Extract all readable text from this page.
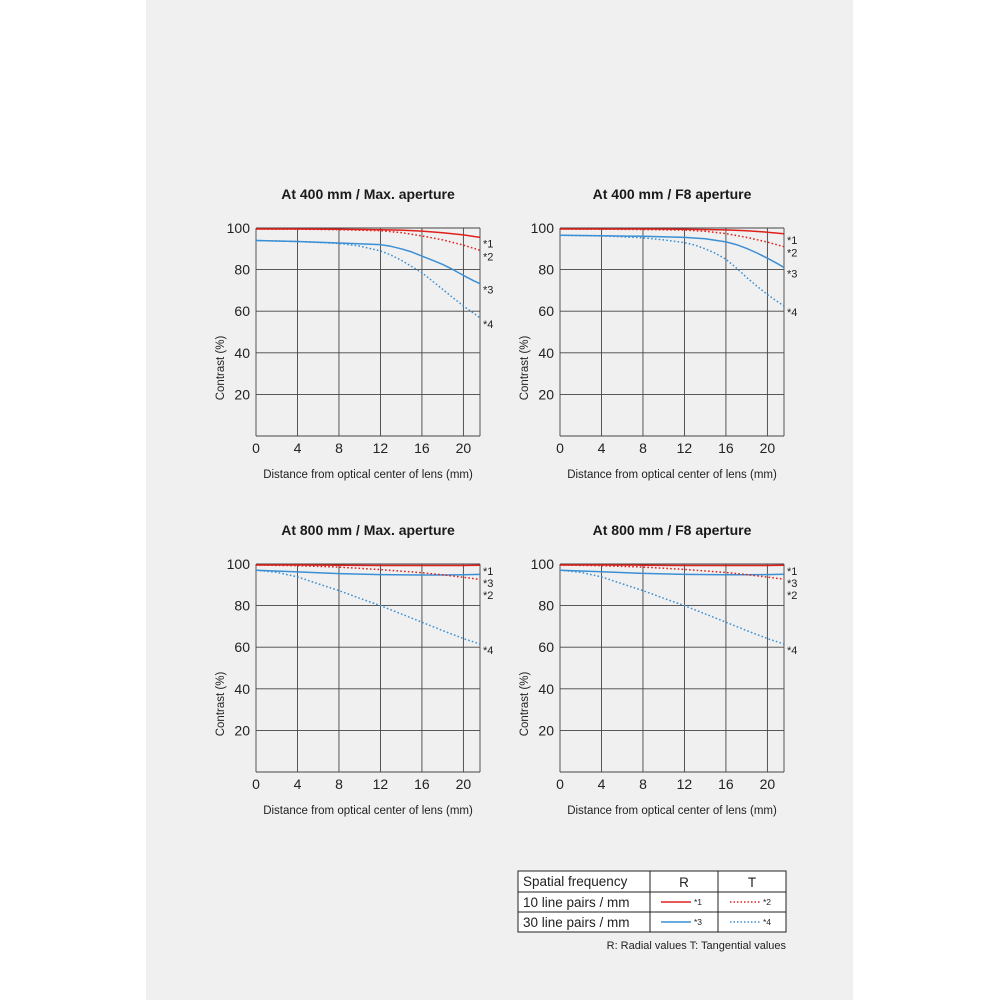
At 400 mm / Max. aperture
20
40
60
80
100
0 4 8 12 16 20
Distance from optical center of lens (mm)
Contrast (%)
*1
*2
*3
*4
At 400 mm / F8 aperture
20
40
60
80
100
0 4 8 12 16 20
Distance from optical center of lens (mm)
Contrast (%)
*1
*2
*3
*4
At 800 mm / Max. aperture
20
40
60
80
100
0 4 8 12 16 20
Distance from optical center of lens (mm)
Contrast (%)
*1
*3
*2
*4
At 800 mm / F8 aperture
20
40
60
80
100
0 4 8 12 16 20
Distance from optical center of lens (mm)
Contrast (%)
*1
*3
*2
*4
Spatial frequency	R	T
10 line pairs / mm	*1	*2
30 line pairs / mm	*3	*4
R: Radial values T: Tangential values
